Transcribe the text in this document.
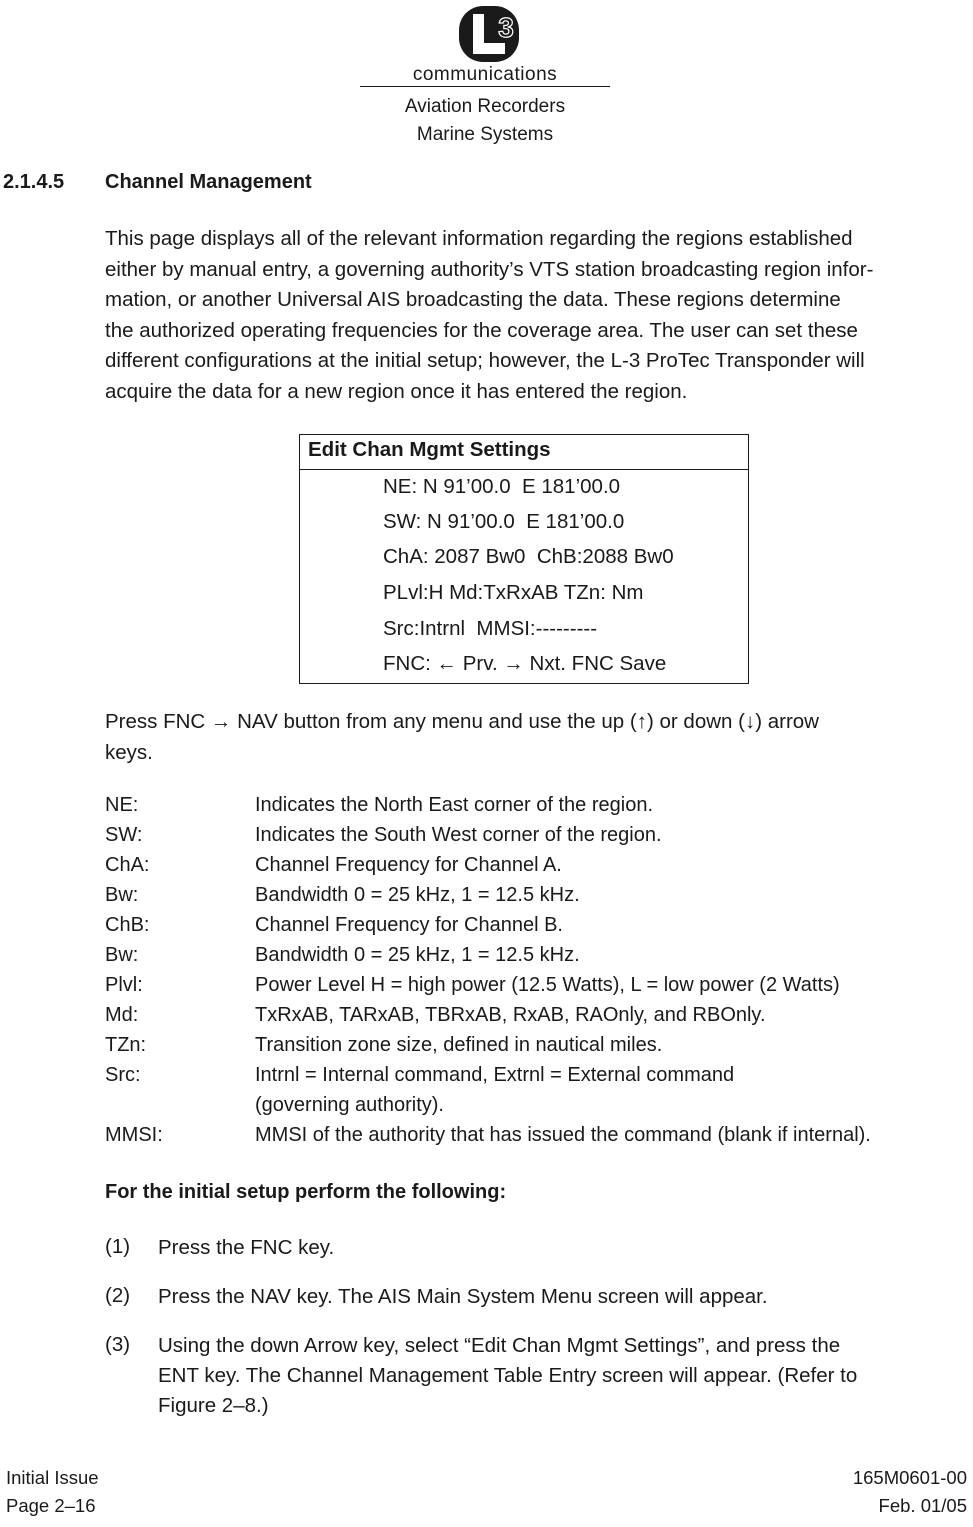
3
communications
Aviation Recorders
Marine Systems
2.1.4.5 Channel Management
This page displays all of the relevant information regarding the regions established
either by manual entry, a governing authority’s VTS station broadcasting region infor-
mation, or another Universal AIS broadcasting the data. These regions determine
the authorized operating frequencies for the coverage area. The user can set these
different configurations at the initial setup; however, the L-3 ProTec Transponder will
acquire the data for a new region once it has entered the region.
Edit Chan Mgmt Settings
NE: N 91’00.0  E 181’00.0
SW: N 91’00.0  E 181’00.0
ChA: 2087 Bw0  ChB:2088 Bw0
PLvl:H Md:TxRxAB TZn: Nm
Src:Intrnl  MMSI:---------
FNC: ← Prv. → Nxt. FNC Save
Press FNC → NAV button from any menu and use the up (↑) or down (↓) arrow
keys.
NE:	Indicates the North East corner of the region.
SW:	Indicates the South West corner of the region.
ChA:	Channel Frequency for Channel A.
Bw:	Bandwidth 0 = 25 kHz, 1 = 12.5 kHz.
ChB:	Channel Frequency for Channel B.
Bw:	Bandwidth 0 = 25 kHz, 1 = 12.5 kHz.
Plvl:	Power Level H = high power (12.5 Watts), L = low power (2 Watts)
Md:	TxRxAB, TARxAB, TBRxAB, RxAB, RAOnly, and RBOnly.
TZn:	Transition zone size, defined in nautical miles.
Src:	Intrnl = Internal command, Extrnl = External command
(governing authority).
MMSI:	MMSI of the authority that has issued the command (blank if internal).
For the initial setup perform the following:
(1) Press the FNC key.
(2) Press the NAV key. The AIS Main System Menu screen will appear.
(3) Using the down Arrow key, select “Edit Chan Mgmt Settings”, and press the
ENT key. The Channel Management Table Entry screen will appear. (Refer to
Figure 2–8.)
Initial Issue
Page 2–16
165M0601-00
Feb. 01/05
